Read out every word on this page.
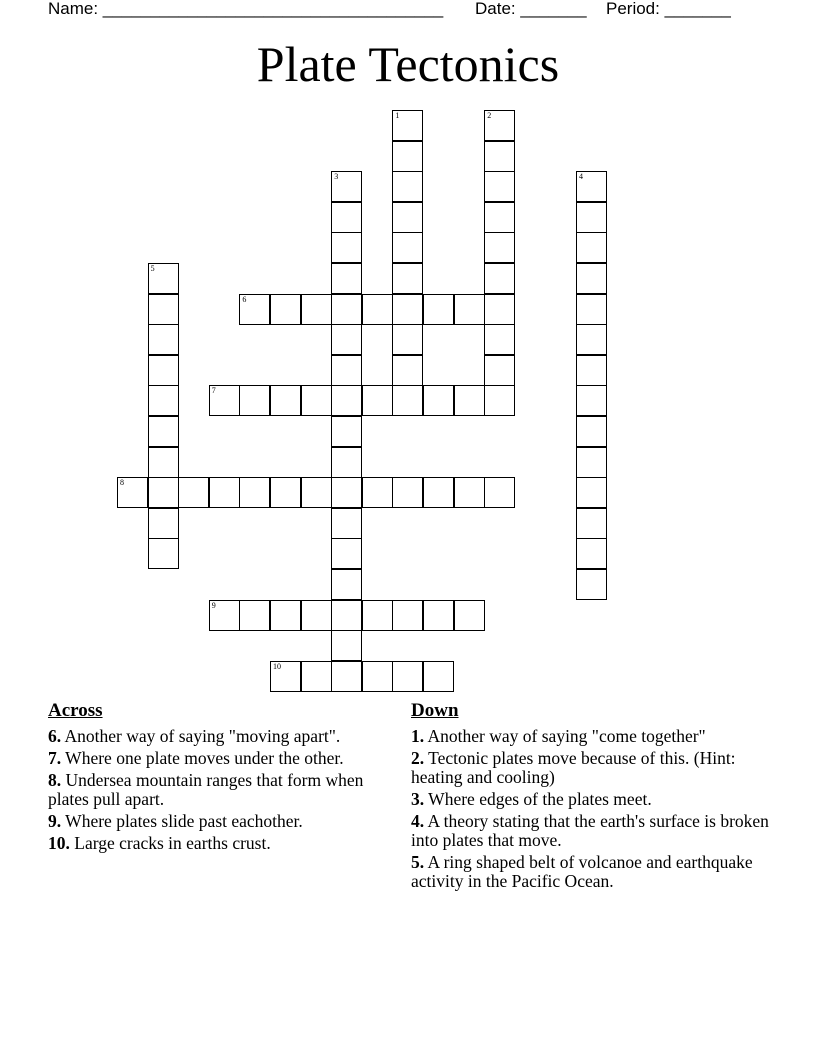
Name: ____________________________________ Date: _______ Period: _______
Plate Tectonics
1	2
3	4
5
6
7
8
9
10
Across
6. Another way of saying "moving apart".
7. Where one plate moves under the other.
8. Undersea mountain ranges that form when plates pull apart.
9. Where plates slide past eachother.
10. Large cracks in earths crust.
Down
1. Another way of saying "come together"
2. Tectonic plates move because of this. (Hint: heating and cooling)
3. Where edges of the plates meet.
4. A theory stating that the earth's surface is broken into plates that move.
5. A ring shaped belt of volcanoe and earthquake activity in the Pacific Ocean.
